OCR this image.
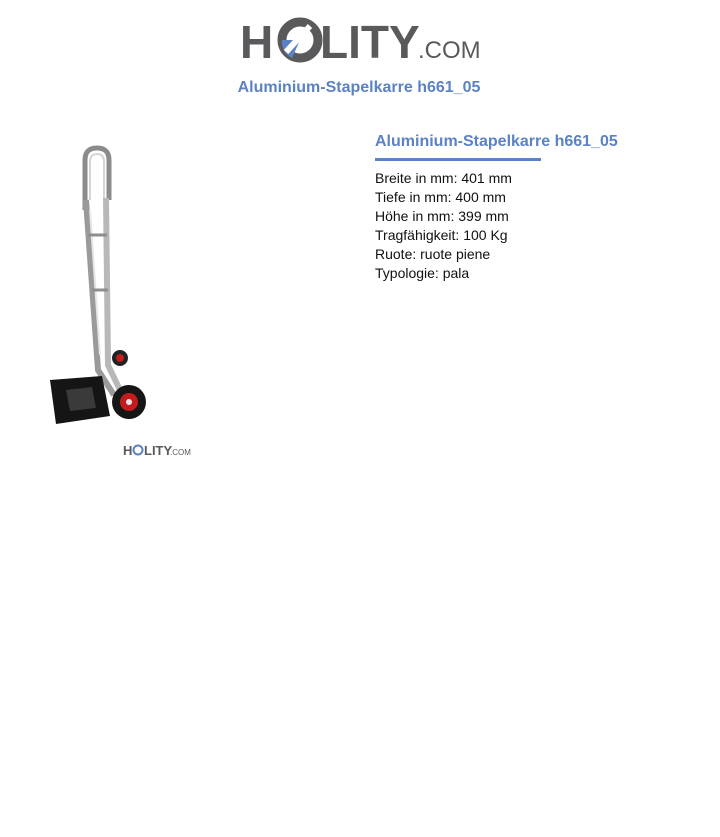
H LITY
.COM
Aluminium-Stapelkarre h661_05
H LITY
.COM
Aluminium-Stapelkarre h661_05
Breite in mm: 401 mm
Tiefe in mm: 400 mm
Höhe in mm: 399 mm
Tragfähigkeit: 100 Kg
Ruote: ruote piene
Typologie: pala
